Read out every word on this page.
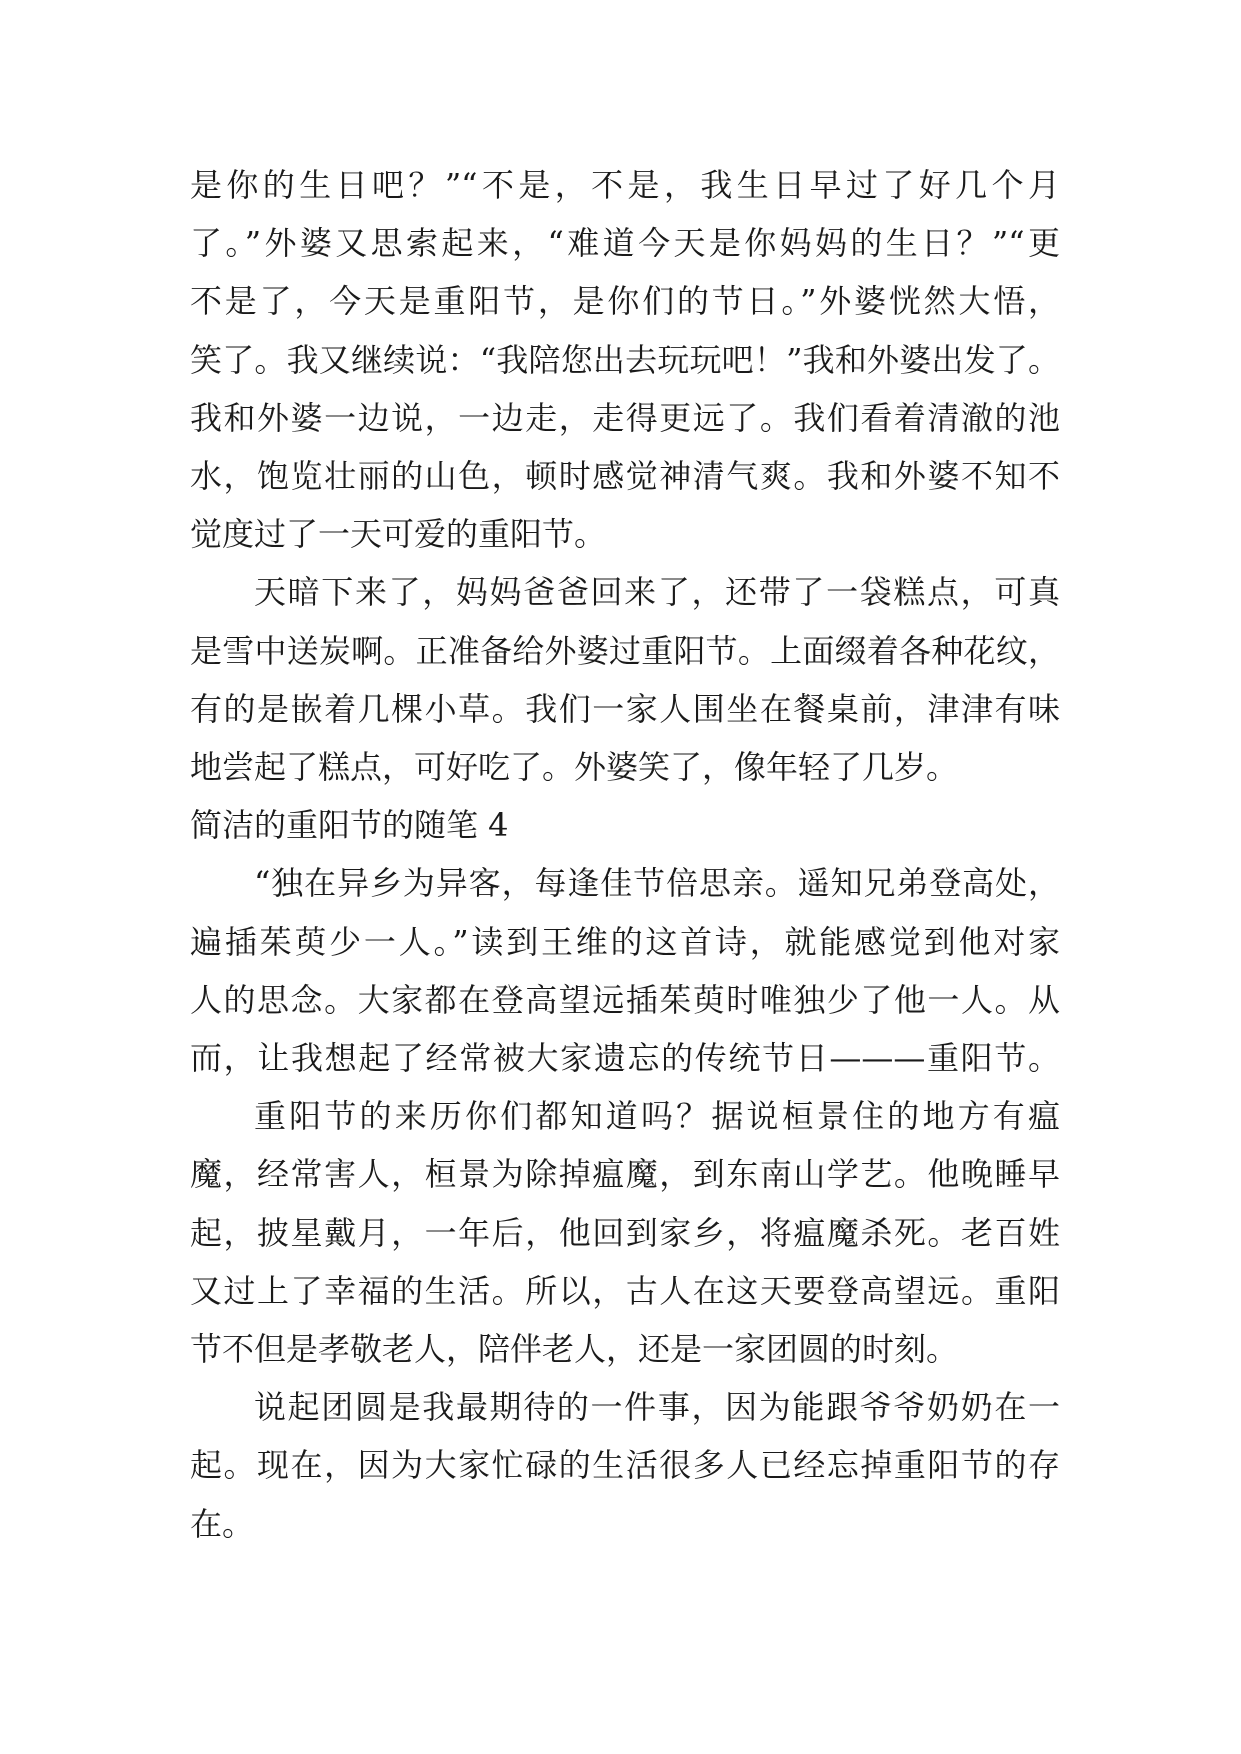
是你的生日吧？”“不是，不是，我生日早过了好几个月
了。”外婆又思索起来，“难道今天是你妈妈的生日？”“更
不是了，今天是重阳节，是你们的节日。”外婆恍然大悟，
笑了。我又继续说：“我陪您出去玩玩吧！”我和外婆出发了。
我和外婆一边说，一边走，走得更远了。我们看着清澈的池
水，饱览壮丽的山色，顿时感觉神清气爽。我和外婆不知不
觉度过了一天可爱的重阳节。
天暗下来了，妈妈爸爸回来了，还带了一袋糕点，可真
是雪中送炭啊。正准备给外婆过重阳节。上面缀着各种花纹，
有的是嵌着几棵小草。我们一家人围坐在餐桌前，津津有味
地尝起了糕点，可好吃了。外婆笑了，像年轻了几岁。
简洁的重阳节的随笔 4
“独在异乡为异客，每逢佳节倍思亲。遥知兄弟登高处，
遍插茱萸少一人。”读到王维的这首诗，就能感觉到他对家
人的思念。大家都在登高望远插茱萸时唯独少了他一人。从
而，让我想起了经常被大家遗忘的传统节日———重阳节。
重阳节的来历你们都知道吗？据说桓景住的地方有瘟
魔，经常害人，桓景为除掉瘟魔，到东南山学艺。他晚睡早
起，披星戴月，一年后，他回到家乡，将瘟魔杀死。老百姓
又过上了幸福的生活。所以，古人在这天要登高望远。重阳
节不但是孝敬老人，陪伴老人，还是一家团圆的时刻。
说起团圆是我最期待的一件事，因为能跟爷爷奶奶在一
起。现在，因为大家忙碌的生活很多人已经忘掉重阳节的存
在。
